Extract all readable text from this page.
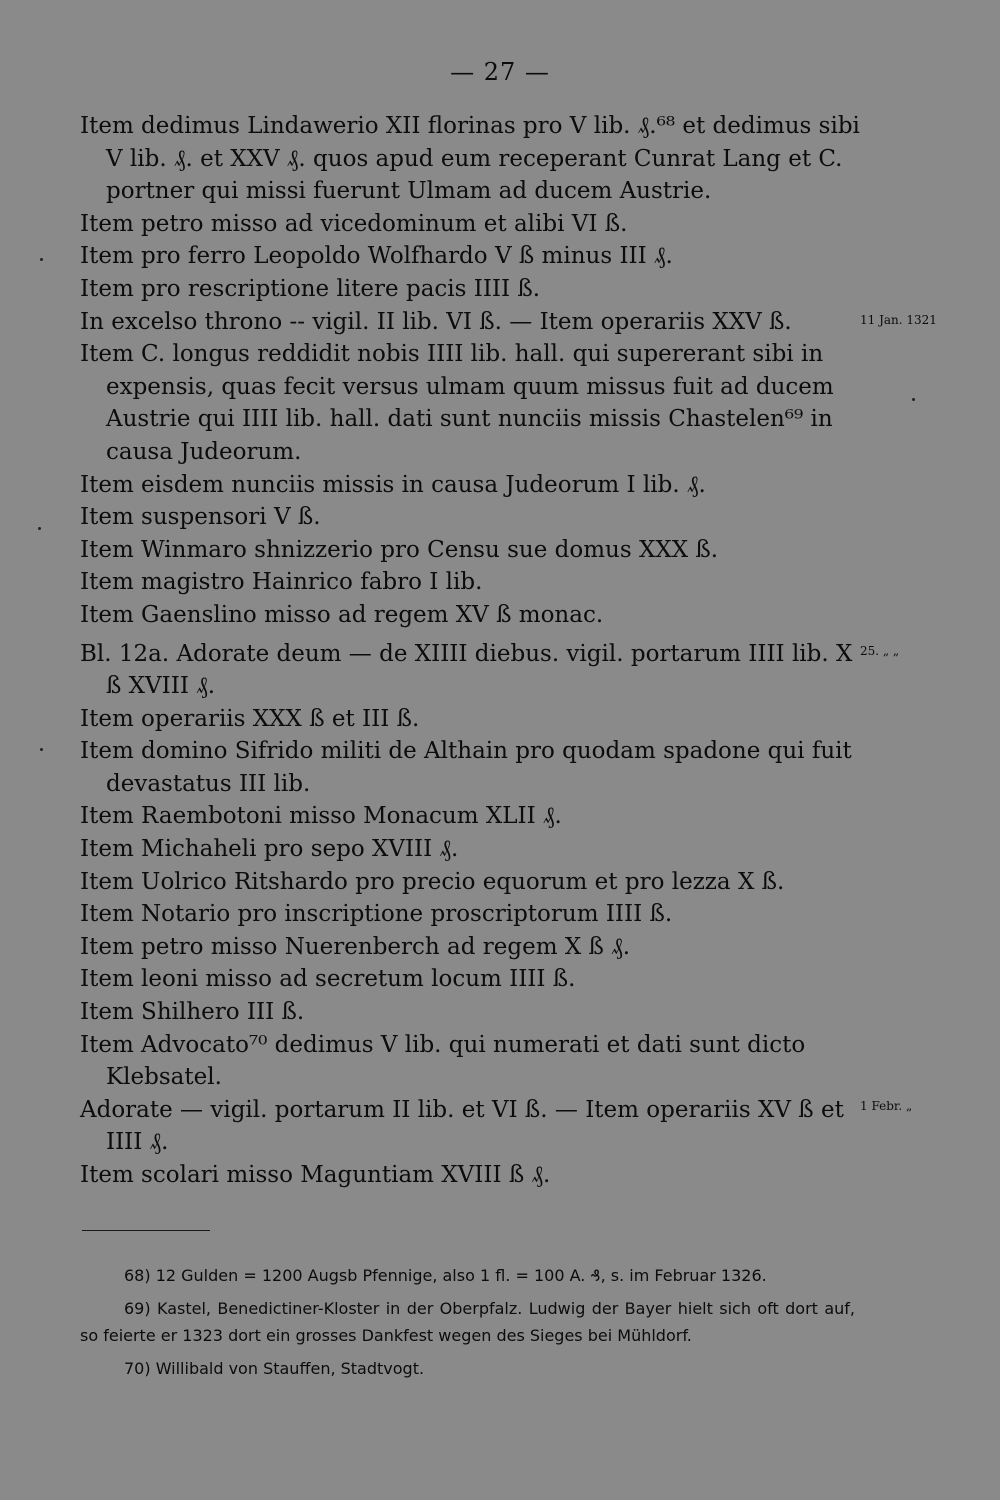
— 27 —
Item dedimus Lindawerio XII florinas pro V lib. ₰.⁶⁸ et dedimus sibi V lib. ₰. et XXV ₰. quos apud eum receperant Cunrat Lang et C. portner qui missi fuerunt Ulmam ad ducem Austrie.
Item petro misso ad vicedominum et alibi VI ß.
Item pro ferro Leopoldo Wolfhardo V ß minus III ₰.
Item pro rescriptione litere pacis IIII ß.
In excelso throno -- vigil. II lib. VI ß. — Item operariis XXV ß.
Item C. longus reddidit nobis IIII lib. hall. qui supererant sibi in expensis, quas fecit versus ulmam quum missus fuit ad ducem Austrie qui IIII lib. hall. dati sunt nunciis missis Chastelen⁶⁹ in causa Judeorum.
Item eisdem nunciis missis in causa Judeorum I lib. ₰.
Item suspensori V ß.
Item Winmaro shnizzerio pro Censu sue domus XXX ß.
Item magistro Hainrico fabro I lib.
Item Gaenslino misso ad regem XV ß monac.
Bl. 12a. Adorate deum — de XIIII diebus. vigil. portarum IIII lib. X ß XVIII ₰.
Item operariis XXX ß et III ß.
Item domino Sifrido militi de Althain pro quodam spadone qui fuit devastatus III lib.
Item Raembotoni misso Monacum XLII ₰.
Item Michaheli pro sepo XVIII ₰.
Item Uolrico Ritshardo pro precio equorum et pro lezza X ß.
Item Notario pro inscriptione proscriptorum IIII ß.
Item petro misso Nuerenberch ad regem X ß ₰.
Item leoni misso ad secretum locum IIII ß.
Item Shilhero III ß.
Item Advocato⁷⁰ dedimus V lib. qui numerati et dati sunt dicto Klebsatel.
Adorate — vigil. portarum II lib. et VI ß. — Item operariis XV ß et IIII ₰.
Item scolari misso Maguntiam XVIII ß ₰.
11 Jan. 1321
25. „ „
1 Febr. „
68) 12 Gulden = 1200 Augsb Pfennige, also 1 fl. = 100 A. ₰, s. im Februar 1326.
69) Kastel, Benedictiner-Kloster in der Oberpfalz. Ludwig der Bayer hielt sich oft dort auf, so feierte er 1323 dort ein grosses Dankfest wegen des Sieges bei Mühldorf.
70) Willibald von Stauffen, Stadtvogt.
